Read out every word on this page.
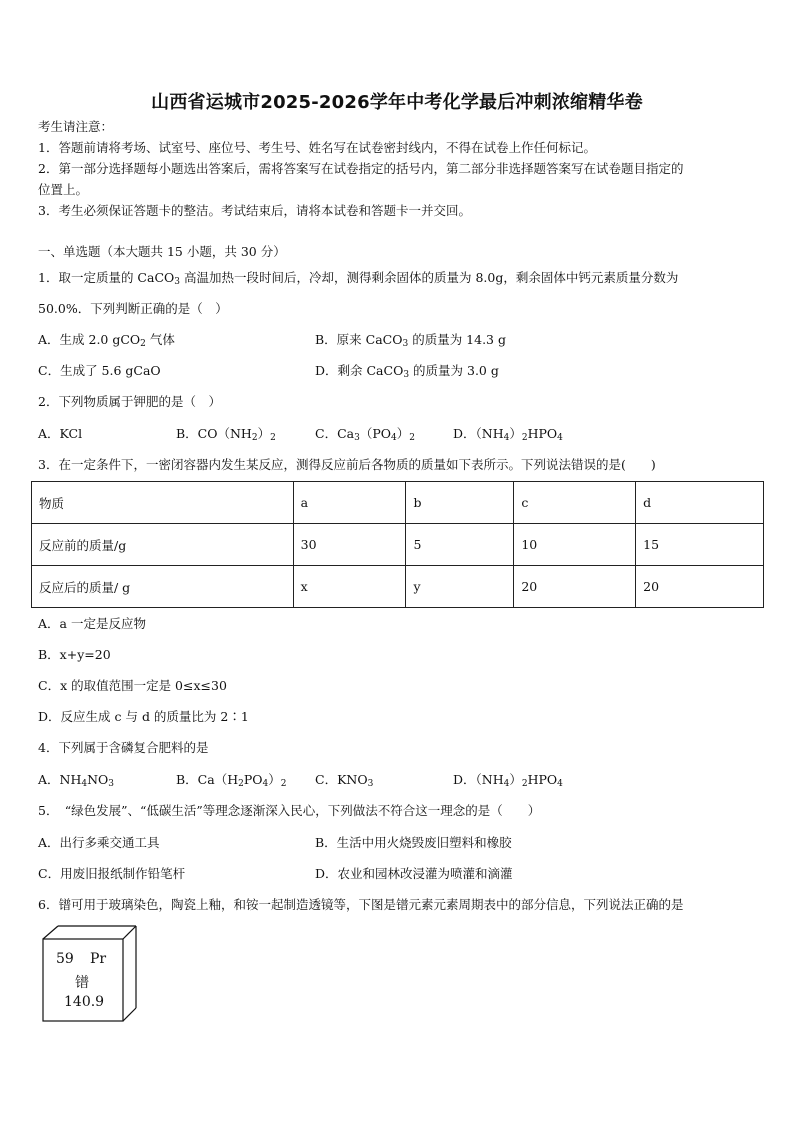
山西省运城市2025-2026学年中考化学最后冲刺浓缩精华卷
考生请注意：
1．答题前请将考场、试室号、座位号、考生号、姓名写在试卷密封线内，不得在试卷上作任何标记。
2．第一部分选择题每小题选出答案后，需将答案写在试卷指定的括号内，第二部分非选择题答案写在试卷题目指定的
位置上。
3．考生必须保证答题卡的整洁。考试结束后，请将本试卷和答题卡一并交回。
一、单选题（本大题共 15 小题，共 30 分）
1．取一定质量的 CaCO$_3$ 高温加热一段时间后，冷却，测得剩余固体的质量为 8.0g，剩余固体中钙元素质量分数为
50.0%．下列判断正确的是（　）
A．生成 2.0 gCO$_2$ 气体	B．原来 CaCO$_3$ 的质量为 14.3 g
C．生成了 5.6 gCaO	D．剩余 CaCO$_3$ 的质量为 3.0 g
2．下列物质属于钾肥的是（　）
A．KCl	B．$CO(NH_2)_2$	C．$Ca_3(PO_4)_2$	D．$(NH_4)_2HPO_4$
3．在一定条件下，一密闭容器内发生某反应，测得反应前后各物质的质量如下表所示。下列说法错误的是(　　)
物质	a	b	c	d
反应前的质量/g	30	5	10	15
反应后的质量/ g	x	y	20	20
A．a 一定是反应物
B．x+y=20
C．x 的取值范围一定是 0≤x≤30
D．反应生成 c 与 d 的质量比为 2∶1
4．下列属于含磷复合肥料的是
A．$NH_4NO_3$	B．$Ca(H_2PO_4)_2$ C．$KNO_3$	D．$(NH_4)_2HPO_4$
5．　“绿色发展”、“低碳生活”等理念逐渐深入民心，下列做法不符合这一理念的是（　　）
A．出行多乘交通工具	B．生活中用火烧毁废旧塑料和橡胶
C．用废旧报纸制作铅笔杆	D．农业和园林改浸灌为喷灌和滴灌
6．镨可用于玻璃染色，陶瓷上釉，和铵一起制造透镜等，下图是镨元素元素周期表中的部分信息，下列说法正确的是
59 Pr
镨
140.9
